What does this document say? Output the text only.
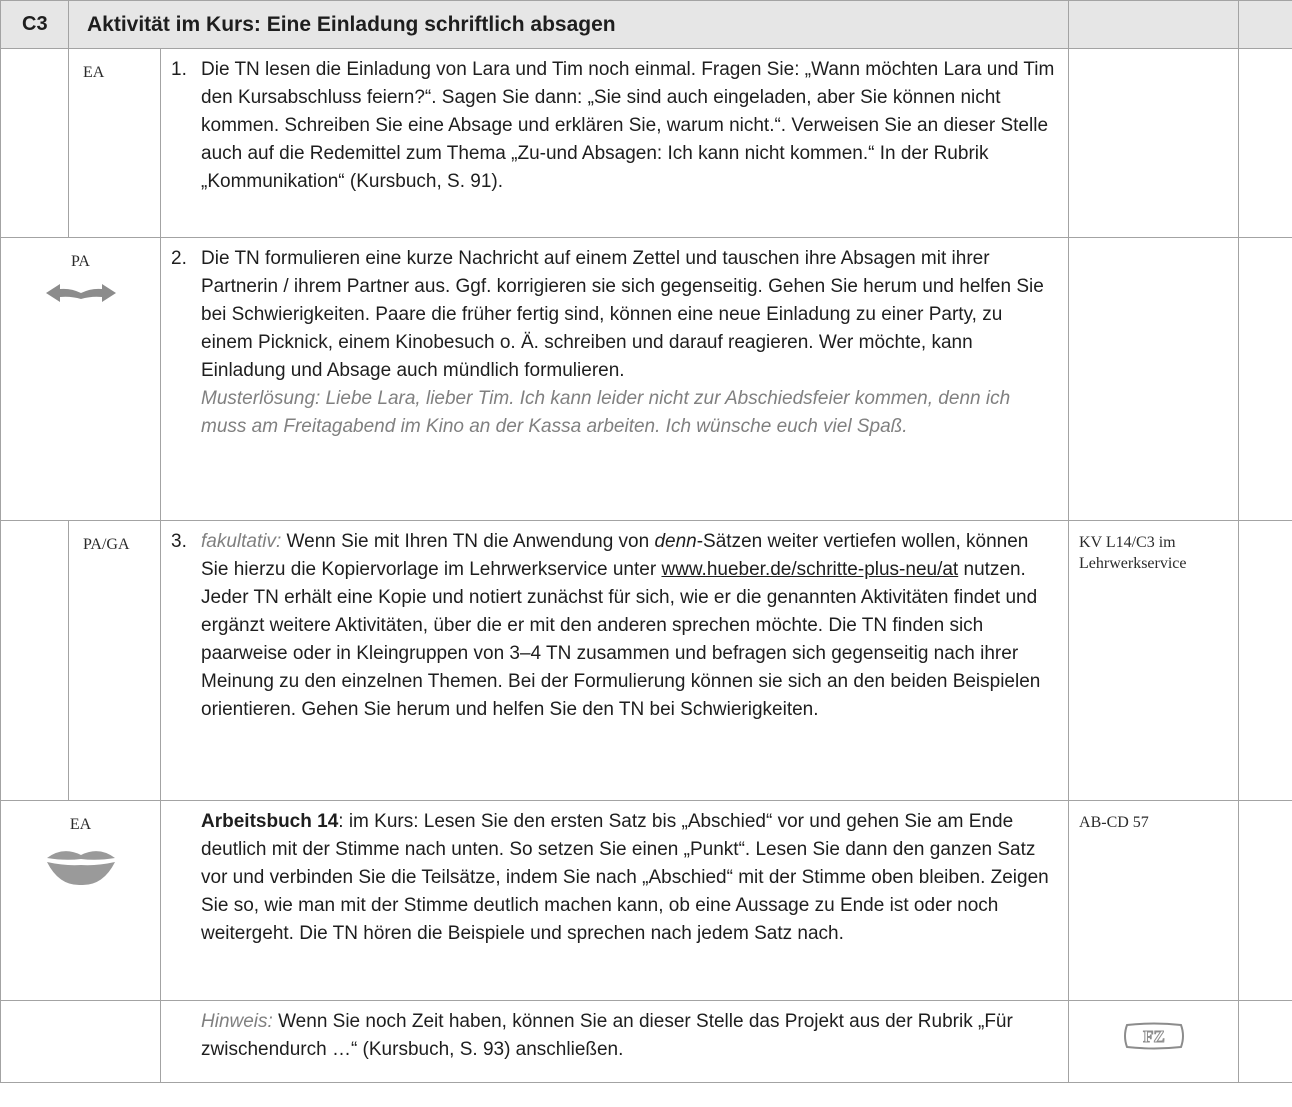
C3	Aktivität im Kurs: Eine Einladung schriftlich absagen			
	EA	1. Die TN lesen die Einladung von Lara und Tim noch einmal. Fragen Sie: „Wann möchten Lara und Tim den Kursabschluss feiern?“. Sagen Sie dann: „Sie sind auch eingeladen, aber Sie können nicht kommen. Schreiben Sie eine Absage und erklären Sie, warum nicht.“. Verweisen Sie an dieser Stelle auch auf die Redemittel zum Thema „Zu-und Absagen: Ich kann nicht kommen.“ In der Rubrik „Kommunikation“ (Kursbuch, S. 91).		

PA		2. Die TN formulieren eine kurze Nachricht auf einem Zettel und tauschen ihre Absagen mit ihrer Partnerin / ihrem Partner aus. Ggf. korrigieren sie sich gegenseitig. Gehen Sie herum und helfen Sie bei Schwierigkeiten. Paare die früher fertig sind, können eine neue Einladung zu einer Party, zu einem Picknick, einem Kinobesuch o. Ä. schreiben und darauf reagieren. Wer möchte, kann Einladung und Absage auch mündlich formulieren.
Musterlösung: Liebe Lara, lieber Tim. Ich kann leider nicht zur Abschiedsfeier kommen, denn ich muss am Freitagabend im Kino an der Kassa arbeiten. Ich wünsche euch viel Spaß.		

	PA/GA	3. fakultativ: Wenn Sie mit Ihren TN die Anwendung von denn-Sätzen weiter vertiefen wollen, können Sie hierzu die Kopiervorlage im Lehrwerkservice unter www.hueber.de/schritte-plus-neu/at nutzen. Jeder TN erhält eine Kopie und notiert zunächst für sich, wie er die genannten Aktivitäten findet und ergänzt weitere Aktivitäten, über die er mit den anderen sprechen möchte. Die TN finden sich paarweise oder in Kleingruppen von 3–4 TN zusammen und befragen sich gegenseitig nach ihrer Meinung zu den einzelnen Themen. Bei der Formulierung können sie sich an den beiden Beispielen orientieren. Gehen Sie herum und helfen Sie den TN bei Schwierigkeiten.	KV L14/C3 im Lehrwerkservice	

EA		Arbeitsbuch 14: im Kurs: Lesen Sie den ersten Satz bis „Abschied“ vor und gehen Sie am Ende deutlich mit der Stimme nach unten. So setzen Sie einen „Punkt“. Lesen Sie dann den ganzen Satz vor und verbinden Sie die Teilsätze, indem Sie nach „Abschied“ mit der Stimme oben bleiben. Zeigen Sie so, wie man mit der Stimme deutlich machen kann, ob eine Aussage zu Ende ist oder noch weitergeht. Die TN hören die Beispiele und sprechen nach jedem Satz nach.	AB-CD 57	

		Hinweis: Wenn Sie noch Zeit haben, können Sie an dieser Stelle das Projekt aus der Rubrik „Für zwischendurch …“ (Kursbuch, S. 93) anschließen.	FZ	
